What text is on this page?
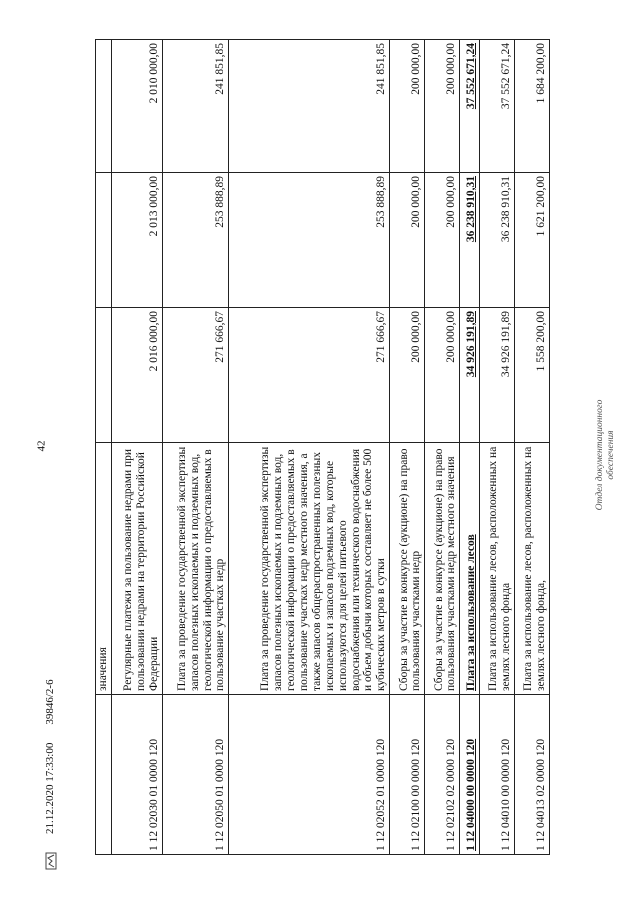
42
	значения			
1 12 02030 01 0000 120	Регулярные платежи за пользование недрами при пользовании недрами на территории Российской Федерации	2 016 000,00	2 013 000,00	2 010 000,00
1 12 02050 01 0000 120	Плата за проведение государственной экспертизы запасов полезных ископаемых и подземных вод, геологической информации о предоставляемых в пользование участках недр	271 666,67	253 888,89	241 851,85
1 12 02052 01 0000 120	Плата за проведение государственной экспертизы запасов полезных ископаемых и подземных вод, геологической информации о предоставляемых в пользование участках недр местного значения, а также запасов общераспространенных полезных ископаемых и запасов подземных вод, которые используются для целей питьевого водоснабжения или технического водоснабжения и объем добычи которых составляет не более 500 кубических метров в сутки	271 666,67	253 888,89	241 851,85
1 12 02100 00 0000 120	Сборы за участие в конкурсе (аукционе) на право пользования участками недр	200 000,00	200 000,00	200 000,00
1 12 02102 02 0000 120	Сборы за участие в конкурсе (аукционе) на право пользования участками недр местного значения	200 000,00	200 000,00	200 000,00
1 12 04000 00 0000 120	Плата за использование лесов	34 926 191,89	36 238 910,31	37 552 671,24
1 12 04010 00 0000 120	Плата за использование лесов, расположенных на землях лесного фонда	34 926 191,89	36 238 910,31	37 552 671,24
1 12 04013 02 0000 120	Плата за использование лесов, расположенных на землях лесного фонда,	1 558 200,00	1 621 200,00	1 684 200,00
21.12.2020 17:33:00
39846/2-6
Отдел документационного обеспечения
